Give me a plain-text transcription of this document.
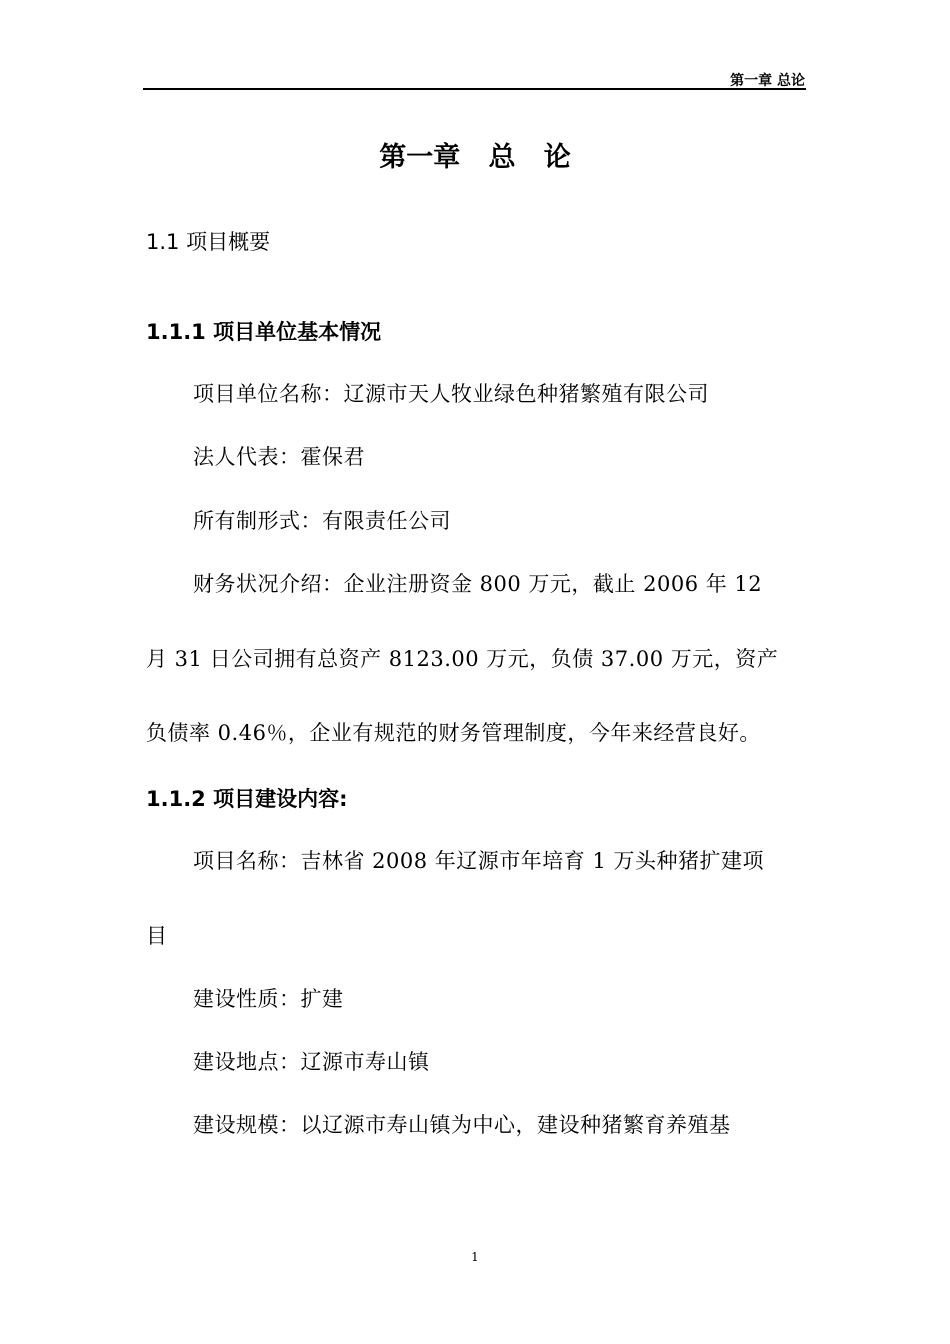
第一章 总论
第一章   总   论
1.1 项目概要
1.1.1 项目单位基本情况
项目单位名称：辽源市天人牧业绿色种猪繁殖有限公司
法人代表：霍保君
所有制形式：有限责任公司
财务状况介绍：企业注册资金 800 万元，截止 2006 年 12
月 31 日公司拥有总资产 8123.00 万元，负债 37.00 万元，资产
负债率 0.46％，企业有规范的财务管理制度，今年来经营良好。
1.1.2 项目建设内容:
项目名称：吉林省 2008 年辽源市年培育 1 万头种猪扩建项
目
建设性质：扩建
建设地点：辽源市寿山镇
建设规模：以辽源市寿山镇为中心，建设种猪繁育养殖基
1
